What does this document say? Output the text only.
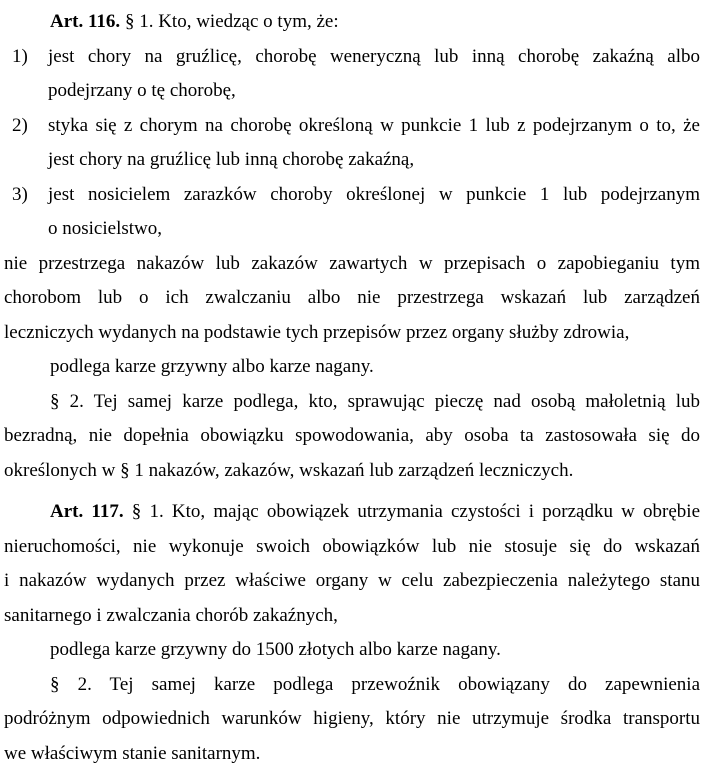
Art. 116. § 1. Kto, wiedząc o tym, że:
1) jest chory na gruźlicę, chorobę weneryczną lub inną chorobę zakaźną albo
podejrzany o tę chorobę,
2) styka się z chorym na chorobę określoną w punkcie 1 lub z podejrzanym o to, że
jest chory na gruźlicę lub inną chorobę zakaźną,
3) jest nosicielem zarazków choroby określonej w punkcie 1 lub podejrzanym
o nosicielstwo,
nie przestrzega nakazów lub zakazów zawartych w przepisach o zapobieganiu tym
chorobom lub o ich zwalczaniu albo nie przestrzega wskazań lub zarządzeń
leczniczych wydanych na podstawie tych przepisów przez organy służby zdrowia,
podlega karze grzywny albo karze nagany.
§ 2. Tej samej karze podlega, kto, sprawując pieczę nad osobą małoletnią lub
bezradną, nie dopełnia obowiązku spowodowania, aby osoba ta zastosowała się do
określonych w § 1 nakazów, zakazów, wskazań lub zarządzeń leczniczych.
Art. 117. § 1. Kto, mając obowiązek utrzymania czystości i porządku w obrębie
nieruchomości, nie wykonuje swoich obowiązków lub nie stosuje się do wskazań
i nakazów wydanych przez właściwe organy w celu zabezpieczenia należytego stanu
sanitarnego i zwalczania chorób zakaźnych,
podlega karze grzywny do 1500 złotych albo karze nagany.
§ 2. Tej samej karze podlega przewoźnik obowiązany do zapewnienia
podróżnym odpowiednich warunków higieny, który nie utrzymuje środka transportu
we właściwym stanie sanitarnym.
